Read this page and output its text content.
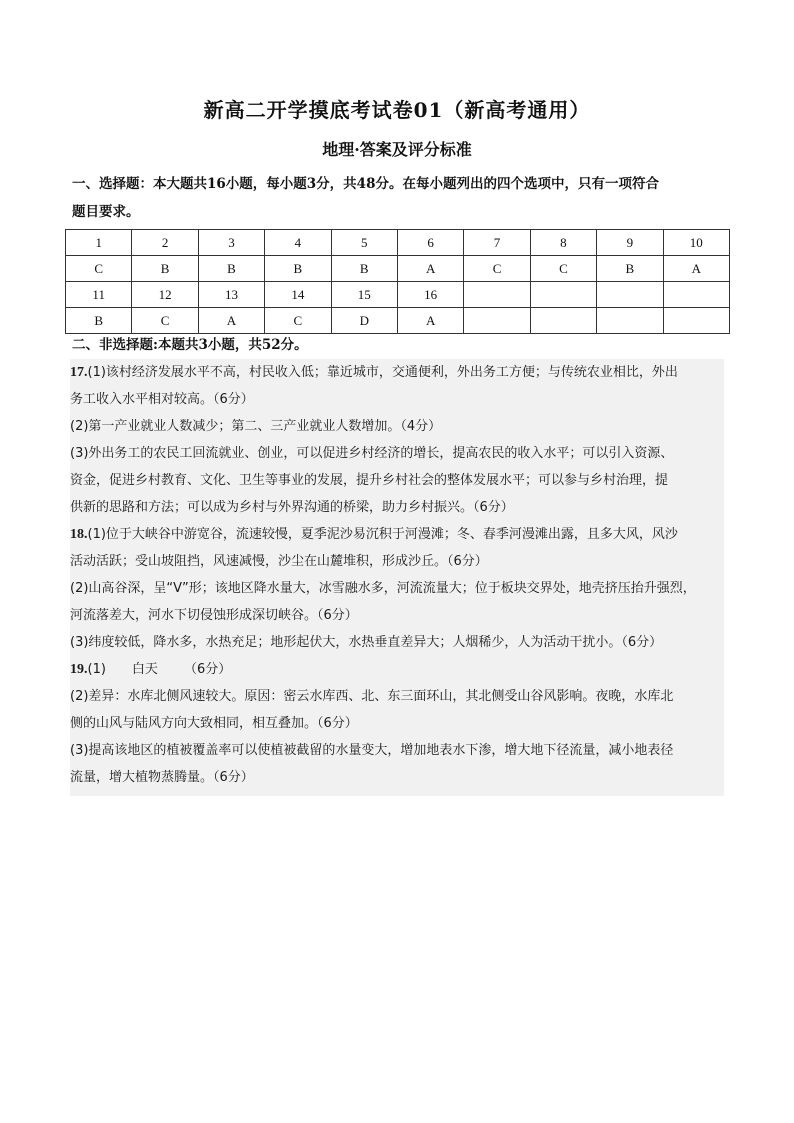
新高二开学摸底考试卷01（新高考通用）
地理·答案及评分标准
一、选择题：本大题共16小题，每小题3分，共48分。在每小题列出的四个选项中，只有一项符合
题目要求。
1	2	3	4	5	6	7	8	9	10
C	B	B	B	B	A	C	C	B	A
11	12	13	14	15	16				
B	C	A	C	D	A				
二、非选择题:本题共3小题，共52分。
17.(1)该村经济发展水平不高，村民收入低；靠近城市，交通便利，外出务工方便；与传统农业相比，外出
务工收入水平相对较高。（6分）
(2)第一产业就业人数减少；第二、三产业就业人数增加。（4分）
(3)外出务工的农民工回流就业、创业，可以促进乡村经济的增长，提高农民的收入水平；可以引入资源、
资金，促进乡村教育、文化、卫生等事业的发展，提升乡村社会的整体发展水平；可以参与乡村治理，提
供新的思路和方法；可以成为乡村与外界沟通的桥梁，助力乡村振兴。（6分）
18.(1)位于大峡谷中游宽谷，流速较慢，夏季泥沙易沉积于河漫滩；冬、春季河漫滩出露，且多大风，风沙
活动活跃；受山坡阻挡，风速减慢，沙尘在山麓堆积，形成沙丘。（6分）
(2)山高谷深，呈“V”形；该地区降水量大，冰雪融水多，河流流量大；位于板块交界处，地壳挤压抬升强烈，
河流落差大，河水下切侵蚀形成深切峡谷。（6分）
(3)纬度较低，降水多，水热充足；地形起伏大，水热垂直差异大；人烟稀少，人为活动干扰小。（6分）
19.(1) 白天 （6分）
(2)差异：水库北侧风速较大。原因：密云水库西、北、东三面环山，其北侧受山谷风影响。夜晚，水库北
侧的山风与陆风方向大致相同，相互叠加。（6分）
(3)提高该地区的植被覆盖率可以使植被截留的水量变大，增加地表水下渗，增大地下径流量，减小地表径
流量，增大植物蒸腾量。（6分）
